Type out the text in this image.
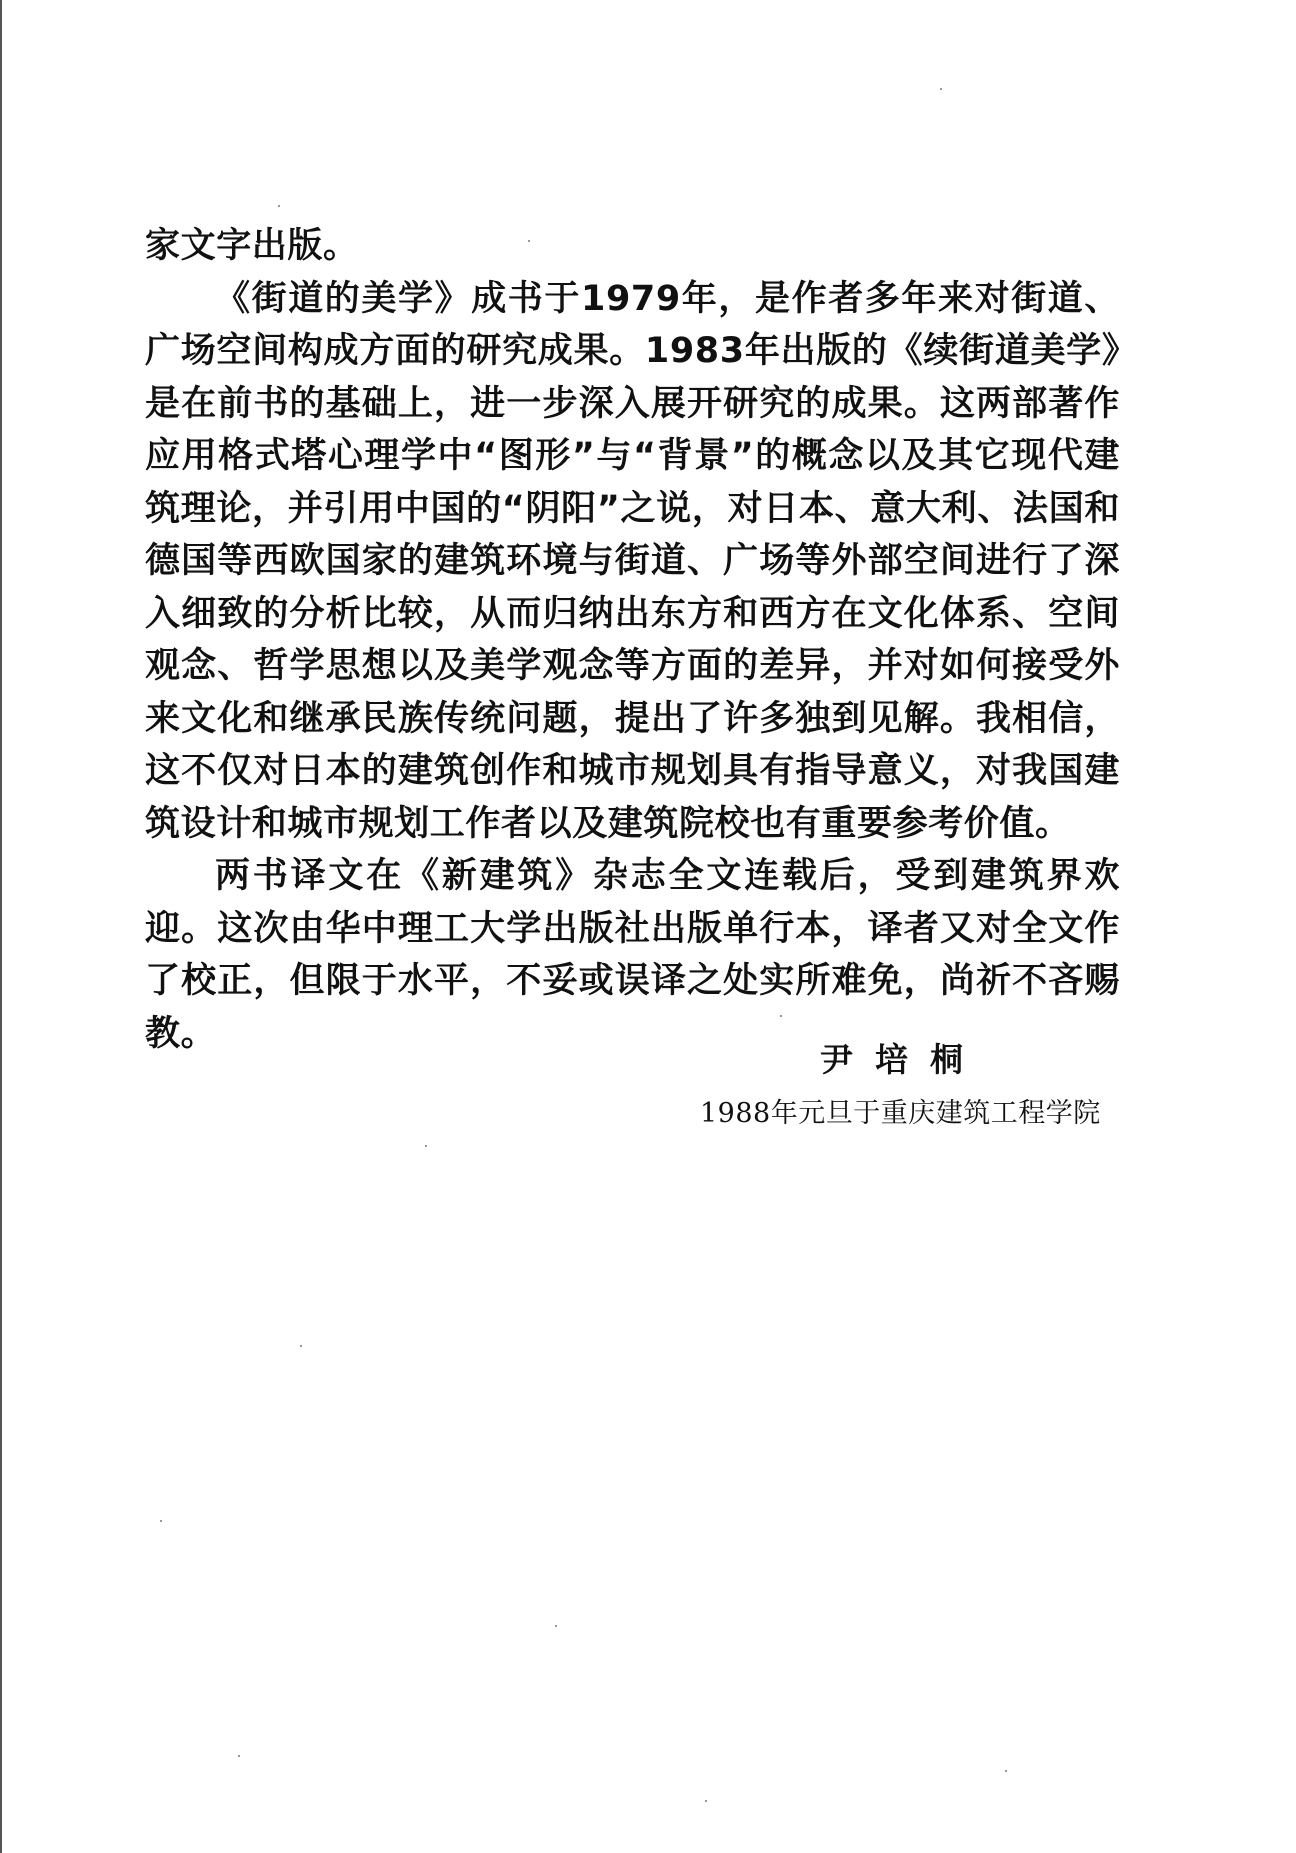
家文字出版。

《街道的美学》成书于1979年，是作者多年来对街道、广场空间构成方面的研究成果。1983年出版的《续街道美学》是在前书的基础上，进一步深入展开研究的成果。这两部著作应用格式塔心理学中“图形”与“背景”的概念以及其它现代建筑理论，并引用中国的“阴阳”之说，对日本、意大利、法国和德国等西欧国家的建筑环境与街道、广场等外部空间进行了深入细致的分析比较，从而归纳出东方和西方在文化体系、空间观念、哲学思想以及美学观念等方面的差异，并对如何接受外来文化和继承民族传统问题，提出了许多独到见解。我相信，这不仅对日本的建筑创作和城市规划具有指导意义，对我国建筑设计和城市规划工作者以及建筑院校也有重要参考价值。

两书译文在《新建筑》杂志全文连载后，受到建筑界欢迎。这次由华中理工大学出版社出版单行本，译者又对全文作了校正，但限于水平，不妥或误译之处实所难免，尚祈不吝赐教。

尹培桐
1988年元旦于重庆建筑工程学院
